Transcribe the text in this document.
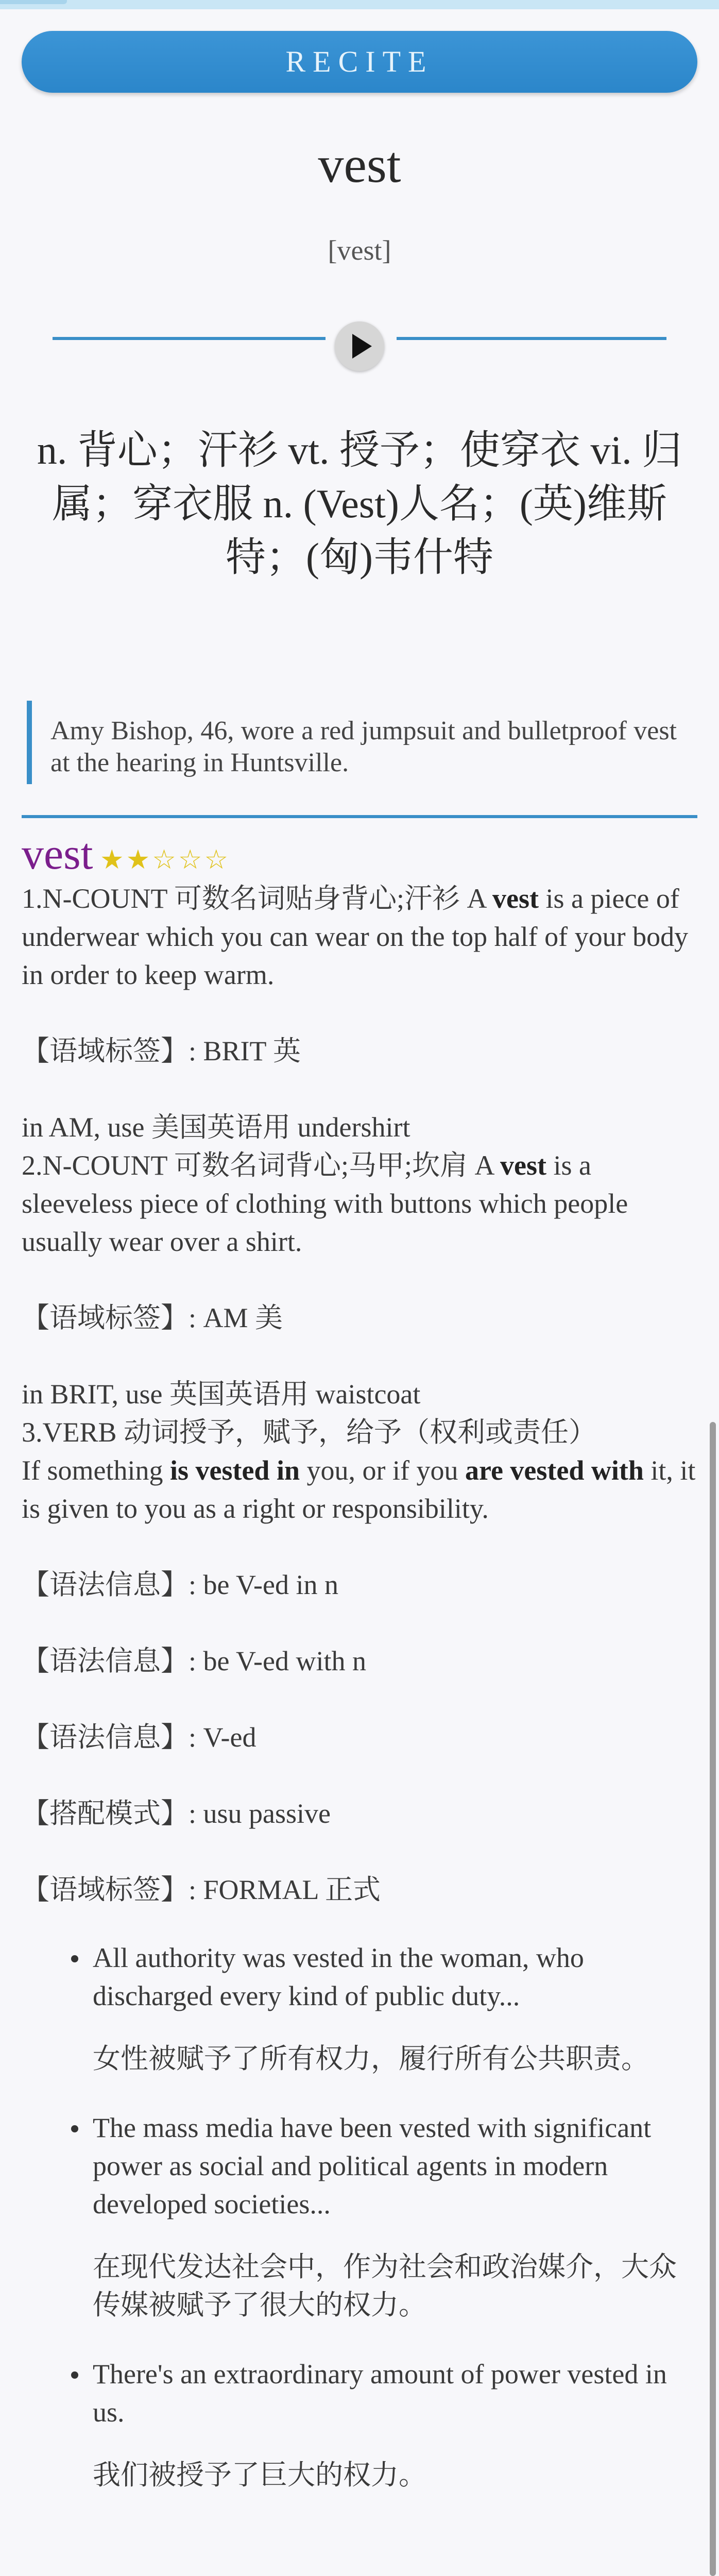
RECITE
vest
[vest]
n. 背心；汗衫 vt. 授予；使穿衣 vi. 归属；穿衣服 n. (Vest)人名；(英)维斯特；(匈)韦什特
Amy Bishop, 46, wore a red jumpsuit and bulletproof vest at the hearing in Huntsville.

vest ★★☆☆☆

1.N-COUNT 可数名词贴身背心;汗衫 A vest is a piece of underwear which you can wear on the top half of your body in order to keep warm.

【语域标签】: BRIT 英

in AM, use 美国英语用 undershirt

2.N-COUNT 可数名词背心;马甲;坎肩 A vest is a sleeveless piece of clothing with buttons which people usually wear over a shirt.

【语域标签】: AM 美

in BRIT, use 英国英语用 waistcoat

3.VERB 动词授予，赋予，给予（权利或责任）

If something is vested in you, or if you are vested with it, it is given to you as a right or responsibility.

【语法信息】: be V-ed in n

【语法信息】: be V-ed with n

【语法信息】: V-ed

【搭配模式】: usu passive

【语域标签】: FORMAL 正式

All authority was vested in the woman, who discharged every kind of public duty...

女性被赋予了所有权力，履行所有公共职责。

The mass media have been vested with significant power as social and political agents in modern developed societies...

在现代发达社会中，作为社会和政治媒介，大众传媒被赋予了很大的权力。

There's an extraordinary amount of power vested in us.

我们被授予了巨大的权力。
